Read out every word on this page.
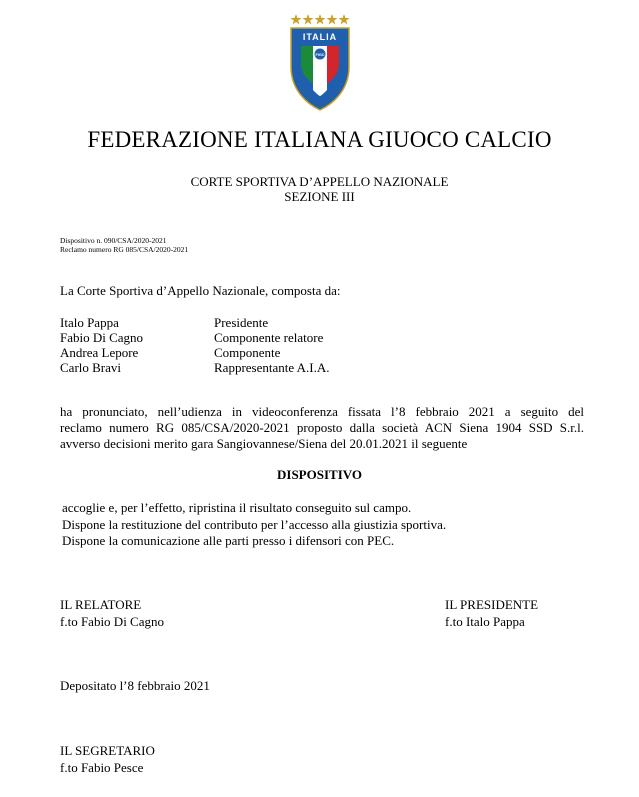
ITALIA
FIGC
FEDERAZIONE ITALIANA GIUOCO CALCIO
CORTE SPORTIVA D’APPELLO NAZIONALE
SEZIONE III
Dispositivo n. 090/CSA/2020-2021
Reclamo numero RG 085/CSA/2020-2021
La Corte Sportiva d’Appello Nazionale, composta da:
Italo Pappa	Presidente
Fabio Di Cagno	Componente relatore
Andrea Lepore	Componente
Carlo Bravi	Rappresentante A.I.A.
ha pronunciato, nell’udienza in videoconferenza fissata l’8 febbraio 2021 a seguito del
reclamo numero RG 085/CSA/2020-2021 proposto dalla società ACN Siena 1904 SSD S.r.l.
avverso decisioni merito gara Sangiovannese/Siena del 20.01.2021 il seguente
DISPOSITIVO
accoglie e, per l’effetto, ripristina il risultato conseguito sul campo.
Dispone la restituzione del contributo per l’accesso alla giustizia sportiva.
Dispone la comunicazione alle parti presso i difensori con PEC.
IL RELATORE
f.to Fabio Di Cagno
IL PRESIDENTE
f.to Italo Pappa
Depositato l’8 febbraio 2021
IL SEGRETARIO
f.to Fabio Pesce
